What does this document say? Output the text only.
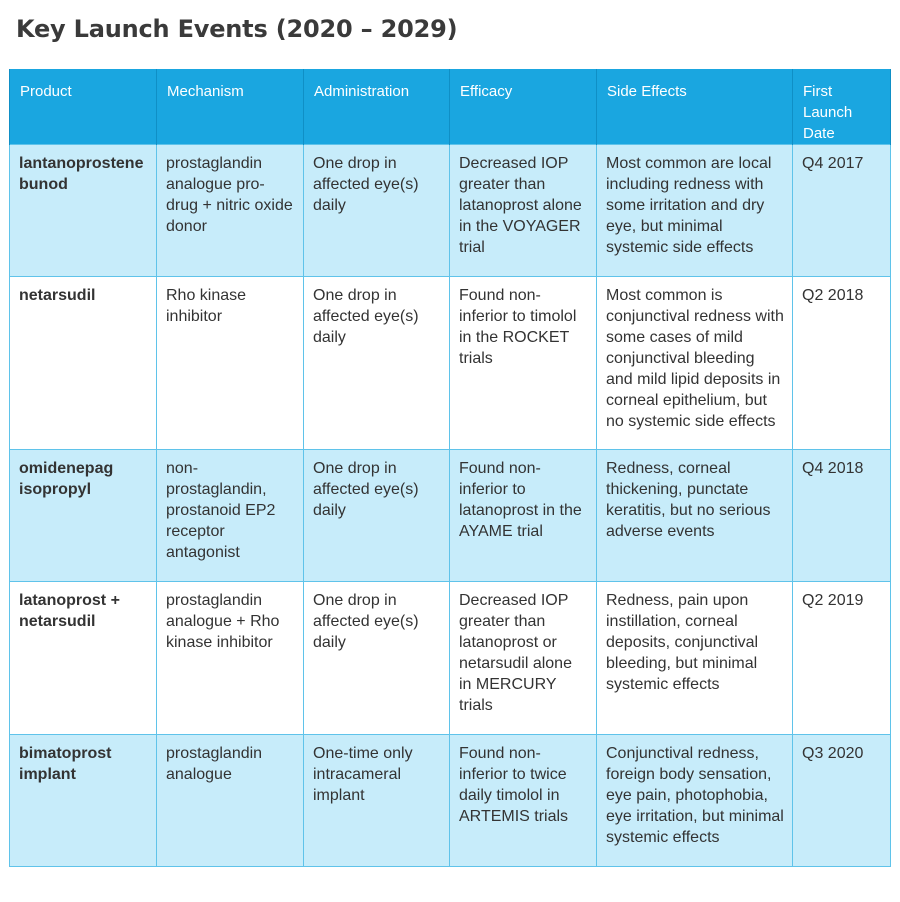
Key Launch Events (2020 – 2029)
Product	Mechanism	Administration	Efficacy	Side Effects	First Launch Date
lantanoprostene bunod	prostaglandin analogue pro-drug + nitric oxide donor	One drop in affected eye(s) daily	Decreased IOP greater than latanoprost alone in the VOYAGER trial	Most common are local including redness with some irritation and dry eye, but minimal systemic side effects	Q4 2017
netarsudil	Rho kinase inhibitor	One drop in affected eye(s) daily	Found non-inferior to timolol in the ROCKET trials	Most common is conjunctival redness with some cases of mild conjunctival bleeding and mild lipid deposits in corneal epithelium, but no systemic side effects	Q2 2018
omidenepag isopropyl	non-prostaglandin, prostanoid EP2 receptor antagonist	One drop in affected eye(s) daily	Found non-inferior to latanoprost in the AYAME trial	Redness, corneal thickening, punctate keratitis, but no serious adverse events	Q4 2018
latanoprost + netarsudil	prostaglandin analogue + Rho kinase inhibitor	One drop in affected eye(s) daily	Decreased IOP greater than latanoprost or netarsudil alone in MERCURY trials	Redness, pain upon instillation, corneal deposits, conjunctival bleeding, but minimal systemic effects	Q2 2019
bimatoprost implant	prostaglandin analogue	One-time only intracameral implant	Found non-inferior to twice daily timolol in ARTEMIS trials	Conjunctival redness, foreign body sensation, eye pain, photophobia, eye irritation, but minimal systemic effects	Q3 2020
